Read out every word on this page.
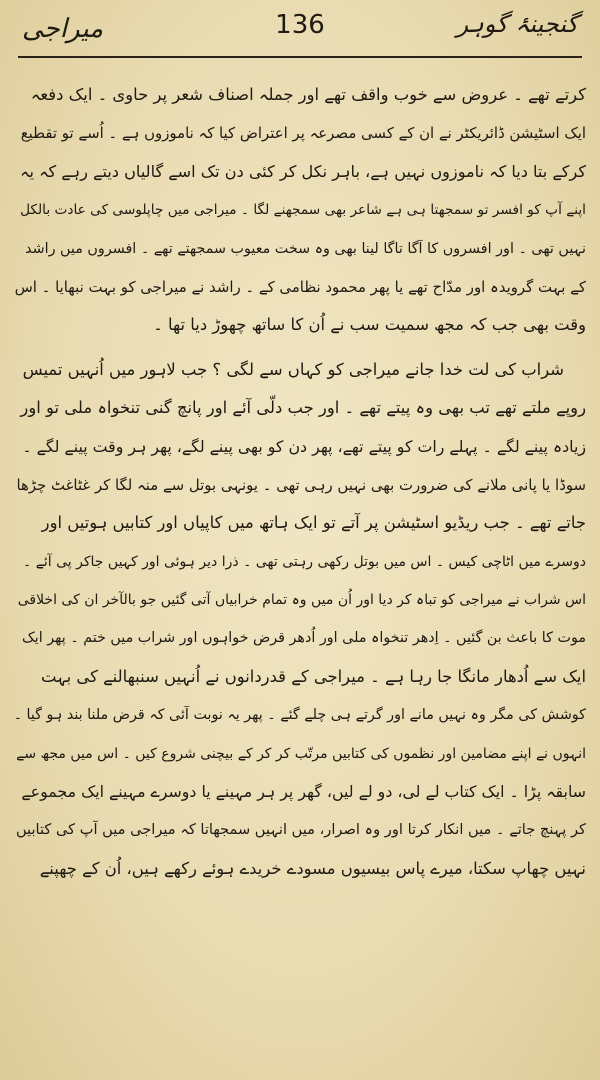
گنجینۂ گوہر
136
میراجی
کرتے تھے ۔ عروض سے خوب واقف تھے اور جملہ اصناف شعر پر حاوی ۔ ایک دفعہ
ایک اسٹیشن ڈائریکٹر نے ان کے کسی مصرعہ پر اعتراض کیا کہ ناموزوں ہے ۔ اُسے تو تقطیع
کرکے بتا دیا کہ ناموزوں نہیں ہے، باہر نکل کر کئی دن تک اسے گالیاں دیتے رہے کہ یہ
اپنے آپ کو افسر تو سمجھتا ہی ہے شاعر بھی سمجھنے لگا ۔ میراجی میں چاپلوسی کی عادت بالکل
نہیں تھی ۔ اور افسروں کا آگا تاگا لینا بھی وہ سخت معیوب سمجھتے تھے ۔ افسروں میں راشد
کے بہت گرویدہ اور مدّاح تھے یا پھر محمود نظامی کے ۔ راشد نے میراجی کو بہت نبھایا ۔ اس
وقت بھی جب کہ مجھ سمیت سب نے اُن کا ساتھ چھوڑ دیا تھا ۔
شراب کی لت خدا جانے میراجی کو کہاں سے لگی ؟ جب لاہور میں اُنہیں تمیس
روپے ملتے تھے تب بھی وہ پیتے تھے ۔ اور جب دلّی آئے اور پانچ گنی تنخواہ ملی تو اور
زیادہ پینے لگے ۔ پہلے رات کو پیتے تھے، پھر دن کو بھی پینے لگے، پھر ہر وقت پینے لگے ۔
سوڈا یا پانی ملانے کی ضرورت بھی نہیں رہی تھی ۔ یونہی بوتل سے منہ لگا کر غٹاغٹ چڑھا
جاتے تھے ۔ جب ریڈیو اسٹیشن پر آتے تو ایک ہاتھ میں کاپیاں اور کتابیں ہوتیں اور
دوسرے میں اٹاچی کیس ۔ اس میں بوتل رکھی رہتی تھی ۔ ذرا دیر ہوئی اور کہیں جاکر پی آئے ۔
اس شراب نے میراجی کو تباہ کر دیا اور اُن میں وہ تمام خرابیاں آتی گئیں جو بالآخر ان کی اخلاقی
موت کا باعث بن گئیں ۔ اِدھر تنخواہ ملی اور اُدھر قرض خواہوں اور شراب میں ختم ۔ پھر ایک
ایک سے اُدھار مانگا جا رہا ہے ۔ میراجی کے قدردانوں نے اُنہیں سنبھالنے کی بہت
کوشش کی مگر وہ نہیں مانے اور گرتے ہی چلے گئے ۔ پھر یہ نوبت آئی کہ قرض ملنا بند ہو گیا ۔
انہوں نے اپنے مضامین اور نظموں کی کتابیں مرتّب کر کر کے بیچنی شروع کیں ۔ اس میں مجھ سے
سابقہ پڑا ۔ ایک کتاب لے لی، دو لے لیں، گھر پر ہر مہینے یا دوسرے مہینے ایک مجموعے
کر پہنچ جاتے ۔ میں انکار کرتا اور وہ اصرار، میں انہیں سمجھاتا کہ میراجی میں آپ کی کتابیں
نہیں چھاپ سکتا، میرے پاس بیسیوں مسودے خریدے ہوئے رکھے ہیں، اُن کے چھپنے
